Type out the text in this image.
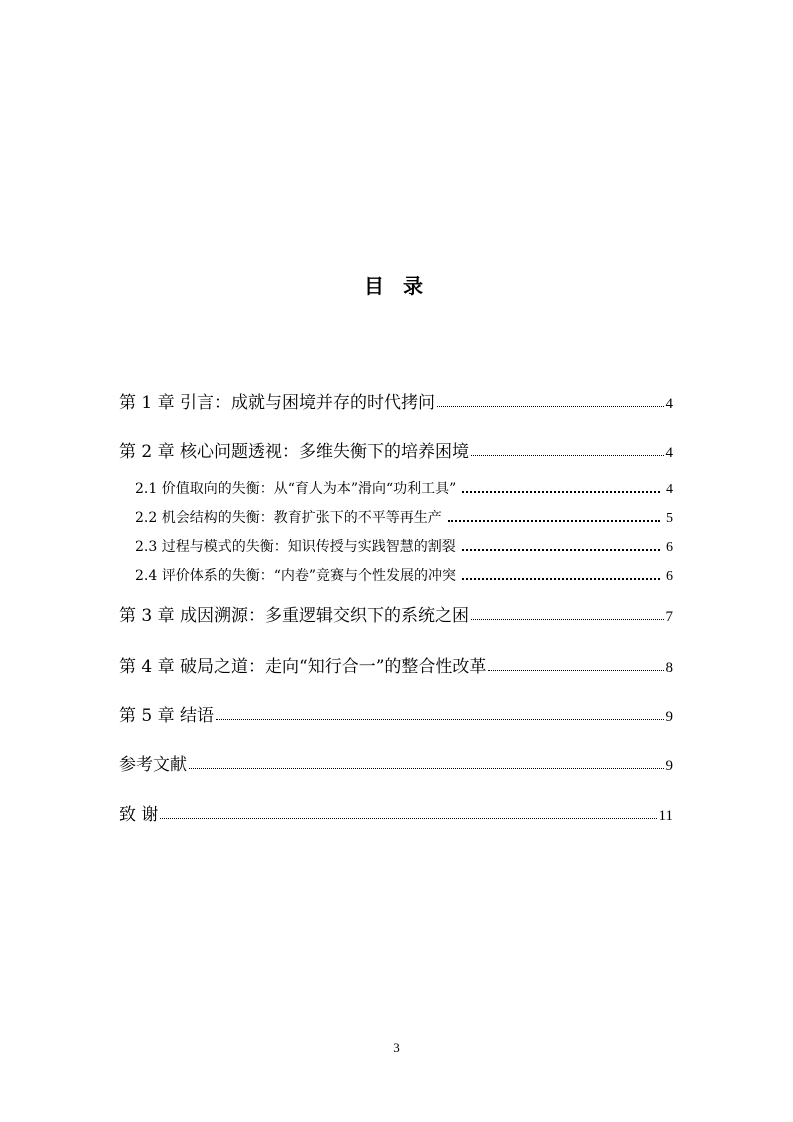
目 录
第 1 章 引言：成就与困境并存的时代拷问	4
第 2 章 核心问题透视：多维失衡下的培养困境	4
2.1 价值取向的失衡：从“育人为本”滑向“功利工具”	4
2.2 机会结构的失衡：教育扩张下的不平等再生产	5
2.3 过程与模式的失衡：知识传授与实践智慧的割裂	6
2.4 评价体系的失衡：“内卷”竞赛与个性发展的冲突	6
第 3 章 成因溯源：多重逻辑交织下的系统之困	7
第 4 章 破局之道：走向“知行合一”的整合性改革	8
第 5 章 结语	9
参考文献	9
致 谢	11
3
